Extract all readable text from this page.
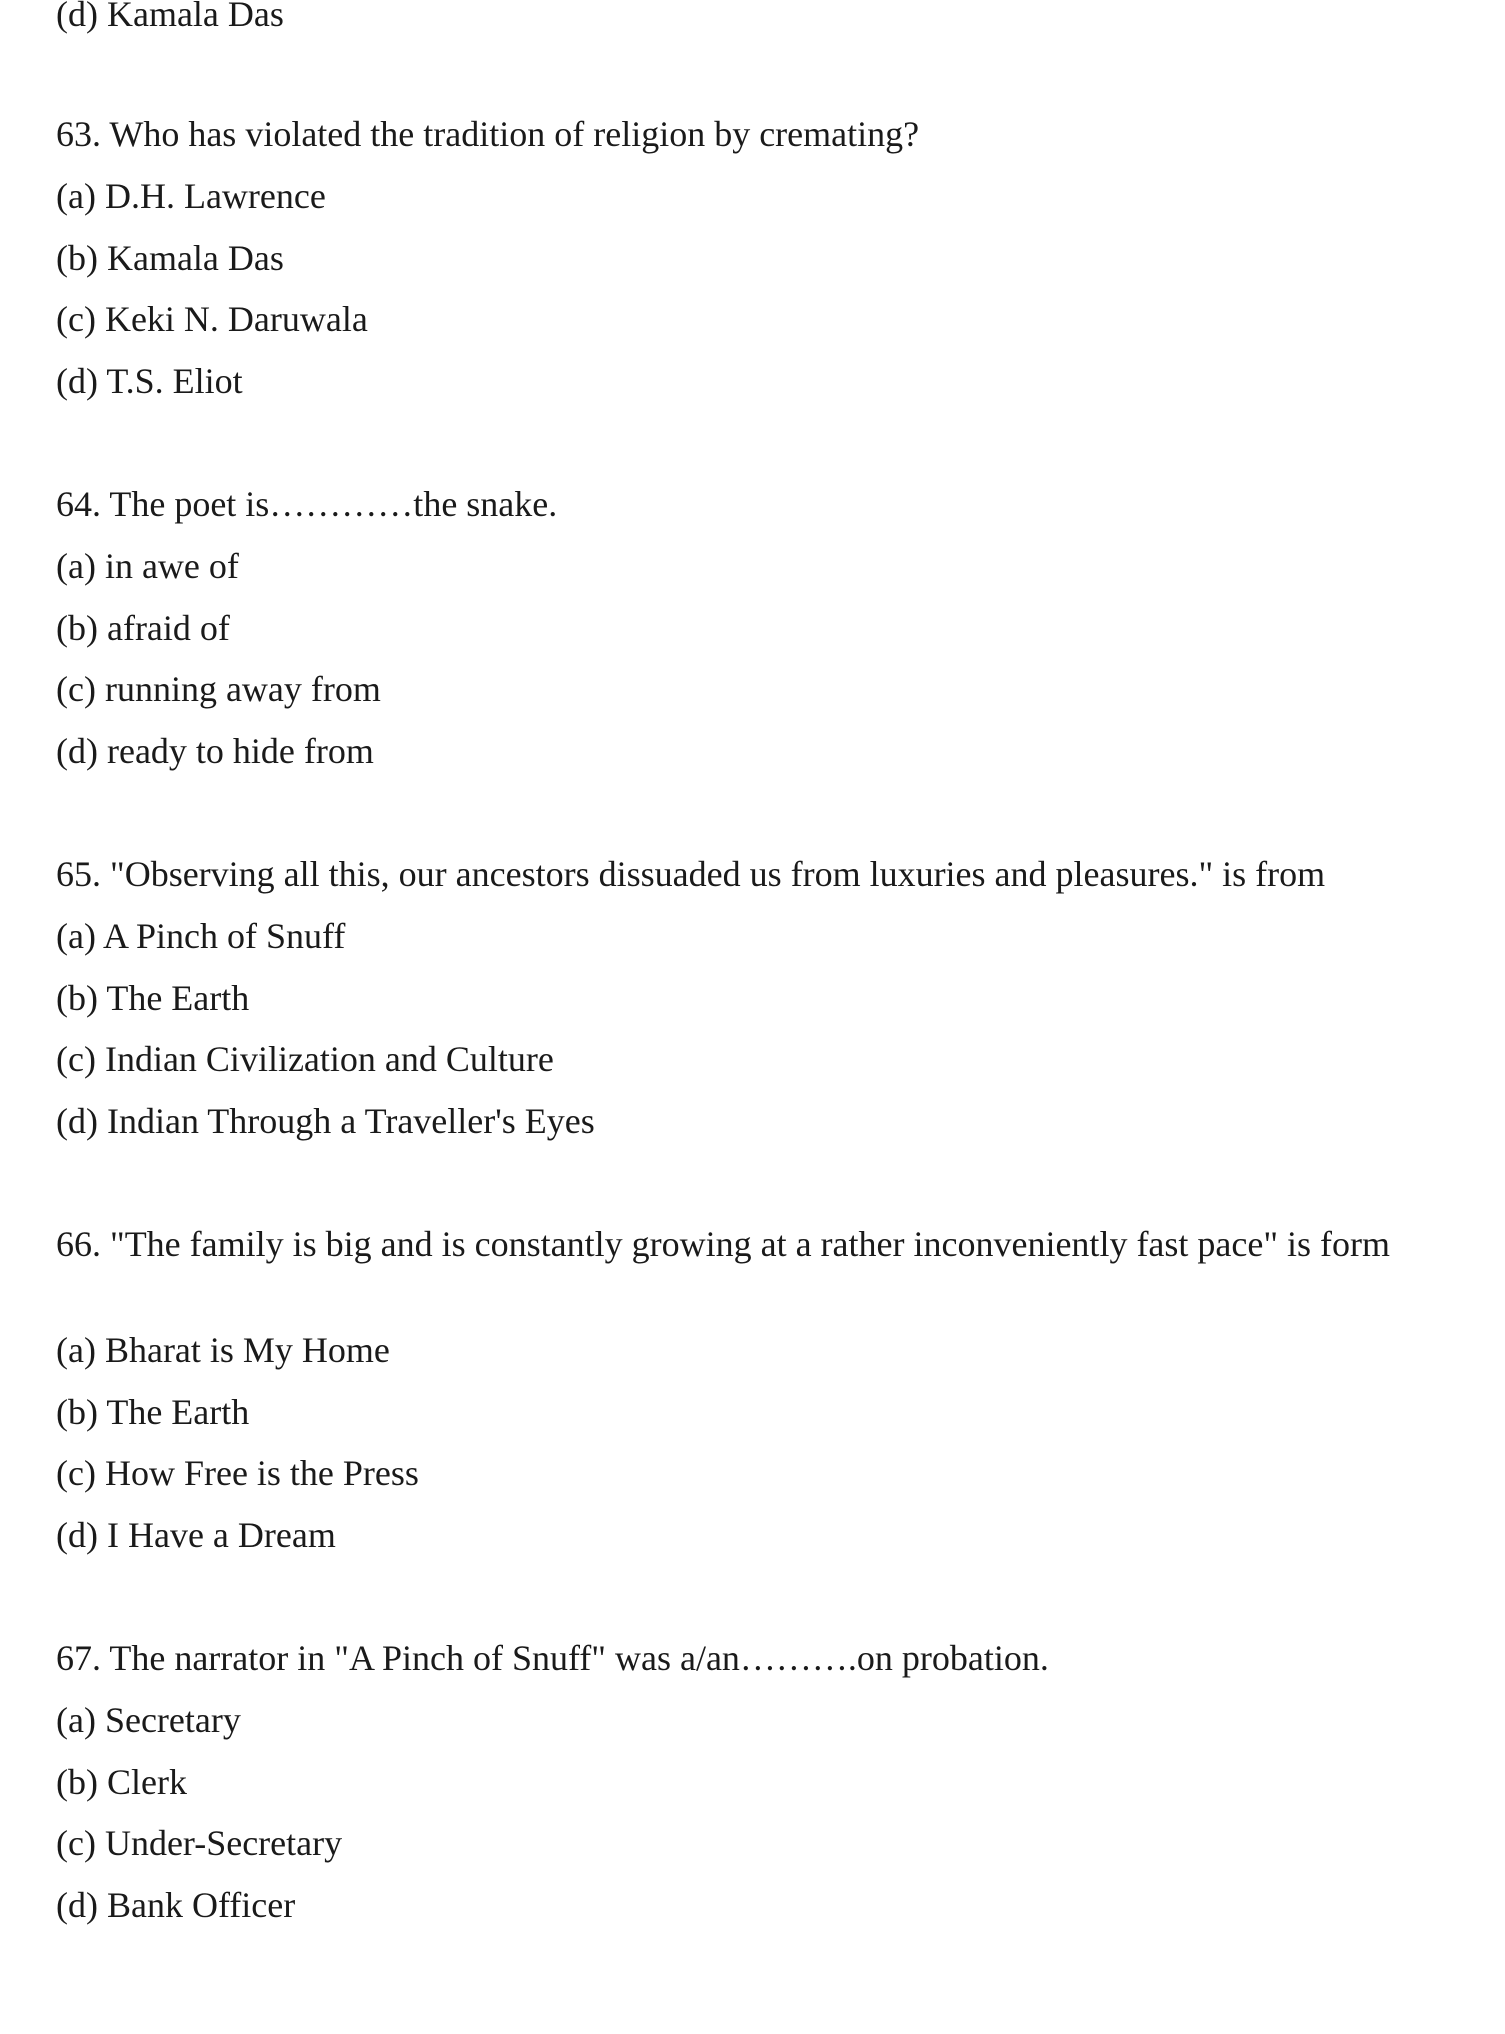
(d) Kamala Das
63. Who has violated the tradition of religion by cremating?
(a) D.H. Lawrence
(b) Kamala Das
(c) Keki N. Daruwala
(d) T.S. Eliot
64. The poet is…………the snake.
(a) in awe of
(b) afraid of
(c) running away from
(d) ready to hide from
65. "Observing all this, our ancestors dissuaded us from luxuries and pleasures." is from
(a) A Pinch of Snuff
(b) The Earth
(c) Indian Civilization and Culture
(d) Indian Through a Traveller's Eyes
66. "The family is big and is constantly growing at a rather inconveniently fast pace" is form
(a) Bharat is My Home
(b) The Earth
(c) How Free is the Press
(d) I Have a Dream
67. The narrator in "A Pinch of Snuff" was a/an……….on probation.
(a) Secretary
(b) Clerk
(c) Under-Secretary
(d) Bank Officer
